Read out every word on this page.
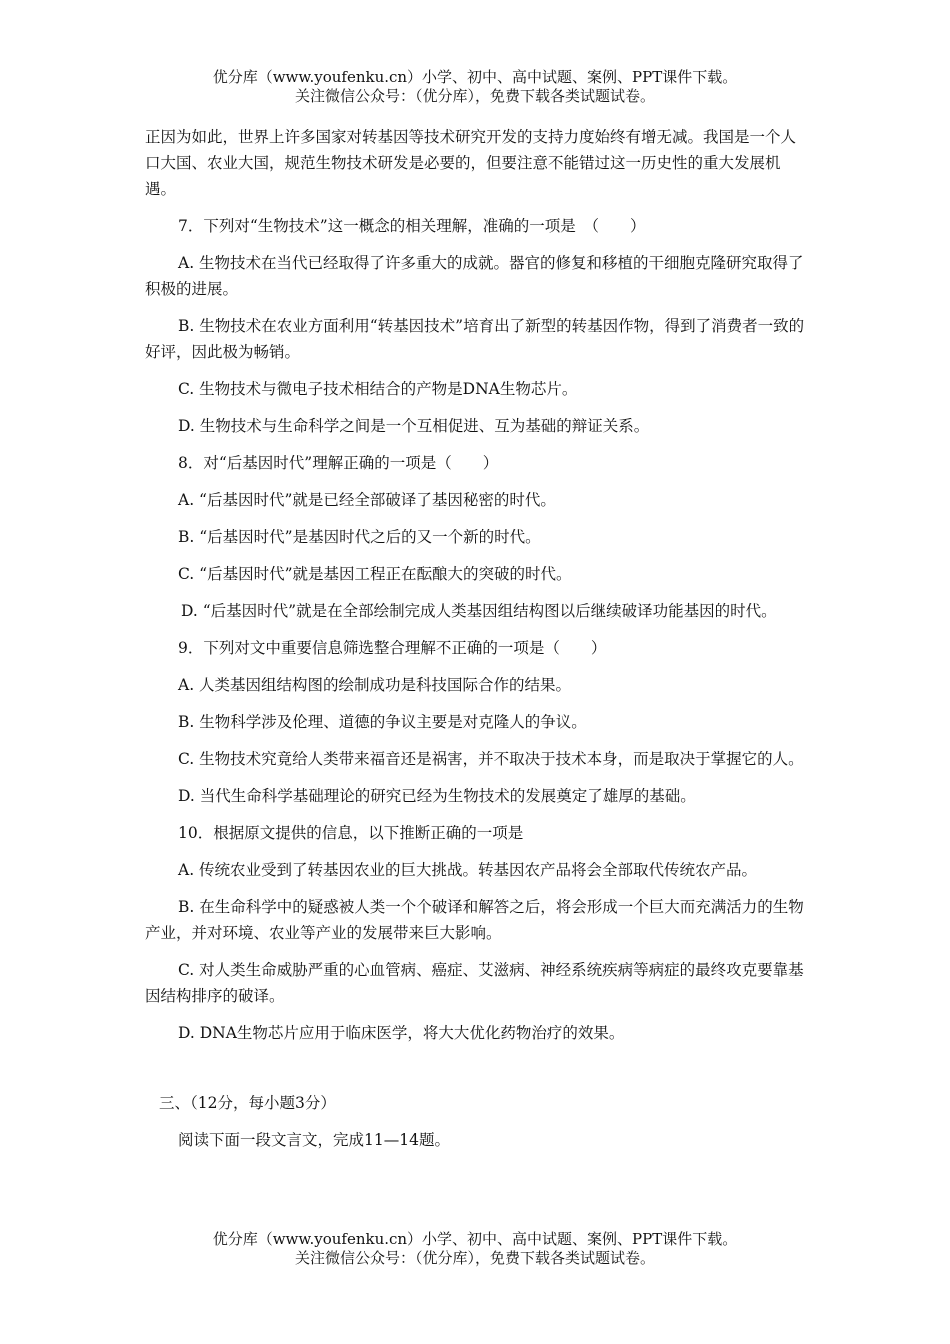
优分库（www.youfenku.cn）小学、初中、高中试题、案例、PPT课件下载。
关注微信公众号：（优分库），免费下载各类试题试卷。

正因为如此，世界上许多国家对转基因等技术研究开发的支持力度始终有增无减。我国是一个人口大国、农业大国，规范生物技术研发是必要的，但要注意不能错过这一历史性的重大发展机遇。

7．下列对“生物技术”这一概念的相关理解，准确的一项是　（　　）

A. 生物技术在当代已经取得了许多重大的成就。器官的修复和移植的干细胞克隆研究取得了积极的进展。

B. 生物技术在农业方面利用“转基因技术”培育出了新型的转基因作物，得到了消费者一致的好评，因此极为畅销。

C. 生物技术与微电子技术相结合的产物是DNA生物芯片。

D. 生物技术与生命科学之间是一个互相促进、互为基础的辩证关系。

8．对“后基因时代”理解正确的一项是（　　）

A. “后基因时代”就是已经全部破译了基因秘密的时代。

B. “后基因时代”是基因时代之后的又一个新的时代。

C. “后基因时代”就是基因工程正在酝酿大的突破的时代。

D. “后基因时代”就是在全部绘制完成人类基因组结构图以后继续破译功能基因的时代。

9．下列对文中重要信息筛选整合理解不正确的一项是（　　）

A. 人类基因组结构图的绘制成功是科技国际合作的结果。

B. 生物科学涉及伦理、道德的争议主要是对克隆人的争议。

C. 生物技术究竟给人类带来福音还是祸害，并不取决于技术本身，而是取决于掌握它的人。

D. 当代生命科学基础理论的研究已经为生物技术的发展奠定了雄厚的基础。

10．根据原文提供的信息，以下推断正确的一项是

A. 传统农业受到了转基因农业的巨大挑战。转基因农产品将会全部取代传统农产品。

B. 在生命科学中的疑惑被人类一个个破译和解答之后，将会形成一个巨大而充满活力的生物产业，并对环境、农业等产业的发展带来巨大影响。

C. 对人类生命威胁严重的心血管病、癌症、艾滋病、神经系统疾病等病症的最终攻克要靠基因结构排序的破译。

D. DNA生物芯片应用于临床医学，将大大优化药物治疗的效果。

三、（12分，每小题3分）

阅读下面一段文言文，完成11—14题。

优分库（www.youfenku.cn）小学、初中、高中试题、案例、PPT课件下载。
关注微信公众号：（优分库），免费下载各类试题试卷。
